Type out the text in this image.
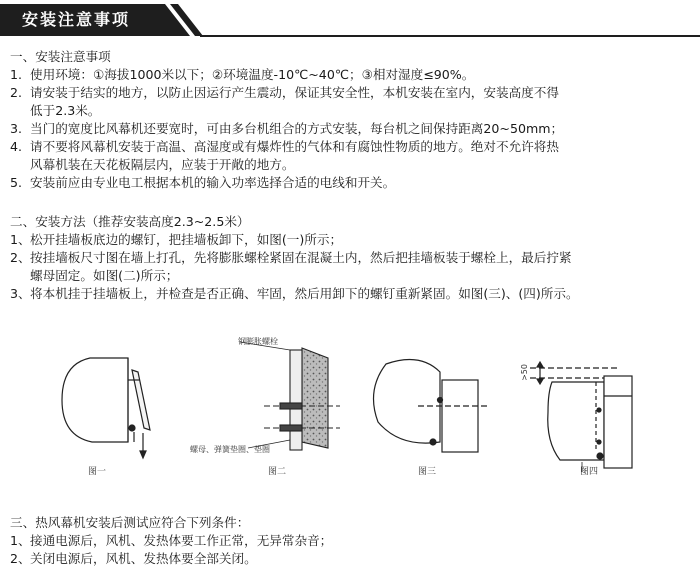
安装注意事项
一、安装注意事项
1. 使用环境：①海拔1000米以下；②环境温度-10℃~40℃；③相对湿度≤90%。
2. 请安装于结实的地方，以防止因运行产生震动，保证其安全性，本机安装在室内，安装高度不得
低于2.3米。
3. 当门的宽度比风幕机还要宽时，可由多台机组合的方式安装，每台机之间保持距离20~50mm；
4. 请不要将风幕机安装于高温、高湿度或有爆炸性的气体和有腐蚀性物质的地方。绝对不允许将热
风幕机装在天花板隔层内，应装于开敞的地方。
5. 安装前应由专业电工根据本机的输入功率选择合适的电线和开关。
二、安装方法（推荐安装高度2.3~2.5米）
1、松开挂墙板底边的螺钉，把挂墙板卸下，如图(一)所示；
2、按挂墙板尺寸图在墙上打孔，先将膨胀螺栓紧固在混凝土内，然后把挂墙板装于螺栓上，最后拧紧
螺母固定。如图(二)所示；
3、将本机挂于挂墙板上，并检查是否正确、牢固，然后用卸下的螺钉重新紧固。如图(三)、(四)所示。
钢膨胀螺栓
螺母、弹簧垫圈、垫圈
>50
图一	图二	图三	图四
三、热风幕机安装后测试应符合下列条件：
1、接通电源后，风机、发热体要工作正常，无异常杂音；
2、关闭电源后，风机、发热体要全部关闭。
